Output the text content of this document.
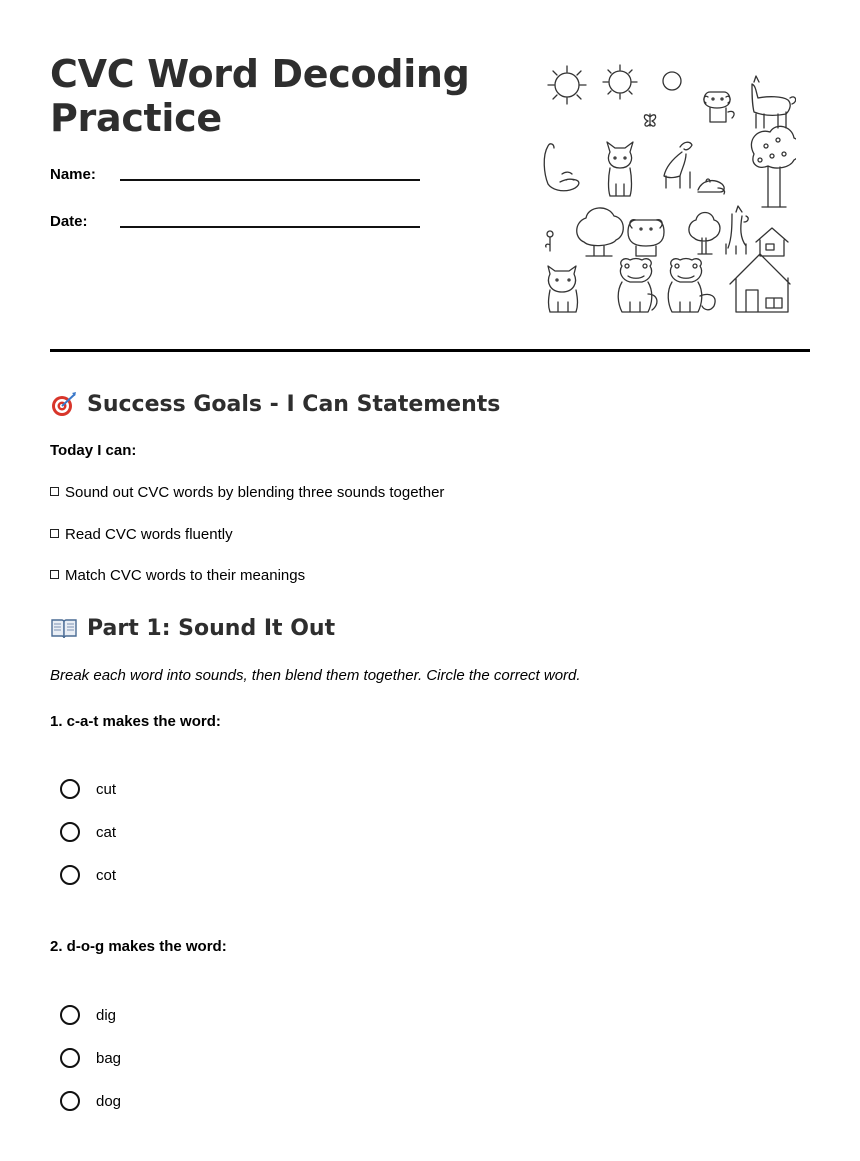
CVC Word Decoding Practice
Name:
Date:
Success Goals - I Can Statements
Today I can:
Sound out CVC words by blending three sounds together
Read CVC words fluently
Match CVC words to their meanings
Part 1: Sound It Out
Break each word into sounds, then blend them together. Circle the correct word.
1. c-a-t makes the word:
cut
cat
cot
2. d-o-g makes the word:
dig
bag
dog
